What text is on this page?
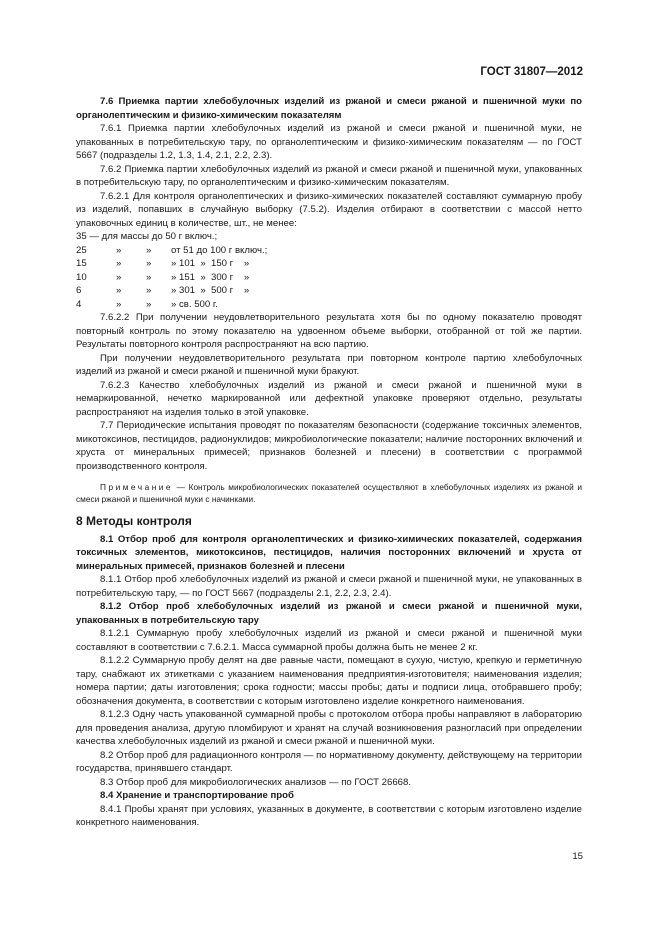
ГОСТ 31807—2012

7.6 Приемка партии хлебобулочных изделий из ржаной и смеси ржаной и пшеничной муки по органолептическим и физико-химическим показателям

7.6.1 Приемка партии хлебобулочных изделий из ржаной и смеси ржаной и пшеничной муки, не упакованных в потребительскую тару, по органолептическим и физико-химическим показателям — по ГОСТ 5667 (подразделы 1.2, 1.3, 1.4, 2.1, 2.2, 2.3).

7.6.2 Приемка партии хлебобулочных изделий из ржаной и смеси ржаной и пшеничной муки, упакованных в потребительскую тару, по органолептическим и физико-химическим показателям.

7.6.2.1 Для контроля органолептических и физико-химических показателей составляют суммарную пробу из изделий, попавших в случайную выборку (7.5.2). Изделия отбирают в соответствии с массой нетто упаковочных единиц в количестве, шт., не менее:

35 — для массы до 50 г включ.;
25	»	»	от 51 до 100 г включ.;
15	»	»	» 101  »  150 г    »
10	»	»	» 151  »  300 г    »
6	»	»	» 301  »  500 г    »
4	»	»	» св. 500 г.

7.6.2.2 При получении неудовлетворительного результата хотя бы по одному показателю проводят повторный контроль по этому показателю на удвоенном объеме выборки, отобранной от той же партии. Результаты повторного контроля распространяют на всю партию.

При получении неудовлетворительного результата при повторном контроле партию хлебобулочных изделий из ржаной и смеси ржаной и пшеничной муки бракуют.

7.6.2.3 Качество хлебобулочных изделий из ржаной и смеси ржаной и пшеничной муки в немаркированной, нечетко маркированной или дефектной упаковке проверяют отдельно, результаты распространяют на изделия только в этой упаковке.

7.7 Периодические испытания проводят по показателям безопасности (содержание токсичных элементов, микотоксинов, пестицидов, радионуклидов; микробиологические показатели; наличие посторонних включений и хруста от минеральных примесей; признаков болезней и плесени) в соответствии с программой производственного контроля.

Примечание — Контроль микробиологических показателей осуществляют в хлебобулочных изделиях из ржаной и смеси ржаной и пшеничной муки с начинками.

8 Методы контроля

8.1 Отбор проб для контроля органолептических и физико-химических показателей, содержания токсичных элементов, микотоксинов, пестицидов, наличия посторонних включений и хруста от минеральных примесей, признаков болезней и плесени

8.1.1 Отбор проб хлебобулочных изделий из ржаной и смеси ржаной и пшеничной муки, не упакованных в потребительскую тару, — по ГОСТ 5667 (подразделы 2.1, 2.2, 2.3, 2.4).

8.1.2 Отбор проб хлебобулочных изделий из ржаной и смеси ржаной и пшеничной муки, упакованных в потребительскую тару

8.1.2.1 Суммарную пробу хлебобулочных изделий из ржаной и смеси ржаной и пшеничной муки составляют в соответствии с 7.6.2.1. Масса суммарной пробы должна быть не менее 2 кг.

8.1.2.2 Суммарную пробу делят на две равные части, помещают в сухую, чистую, крепкую и герметичную тару, снабжают их этикетками с указанием наименования предприятия-изготовителя; наименования изделия; номера партии; даты изготовления; срока годности; массы пробы; даты и подписи лица, отобравшего пробу; обозначения документа, в соответствии с которым изготовлено изделие конкретного наименования.

8.1.2.3 Одну часть упакованной суммарной пробы с протоколом отбора пробы направляют в лабораторию для проведения анализа, другую пломбируют и хранят на случай возникновения разногласий при определении качества хлебобулочных изделий из ржаной и смеси ржаной и пшеничной муки.

8.2 Отбор проб для радиационного контроля — по нормативному документу, действующему на территории государства, принявшего стандарт.

8.3 Отбор проб для микробиологических анализов — по ГОСТ 26668.

8.4 Хранение и транспортирование проб

8.4.1 Пробы хранят при условиях, указанных в документе, в соответствии с которым изготовлено изделие конкретного наименования.

15
